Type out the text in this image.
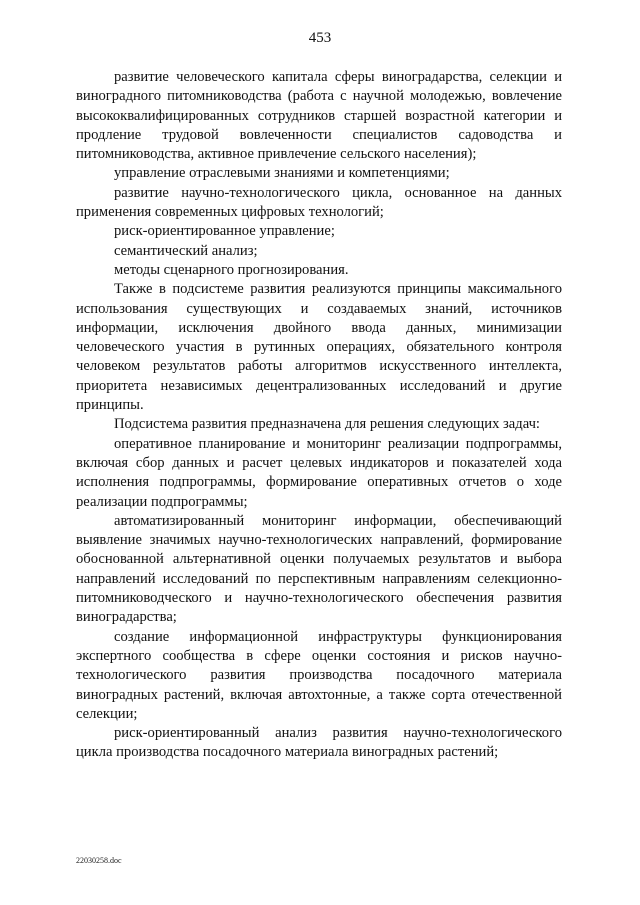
453

развитие человеческого капитала сферы виноградарства, селекции и виноградного питомниководства (работа с научной молодежью, вовлечение высококвалифицированных сотрудников старшей возрастной категории и продление трудовой вовлеченности специалистов садоводства и питомниководства, активное привлечение сельского населения);

управление отраслевыми знаниями и компетенциями;

развитие научно-технологического цикла, основанное на данных применения современных цифровых технологий;

риск-ориентированное управление;

семантический анализ;

методы сценарного прогнозирования.

Также в подсистеме развития реализуются принципы максимального использования существующих и создаваемых знаний, источников информации, исключения двойного ввода данных, минимизации человеческого участия в рутинных операциях, обязательного контроля человеком результатов работы алгоритмов искусственного интеллекта, приоритета независимых децентрализованных исследований и другие принципы.

Подсистема развития предназначена для решения следующих задач:

оперативное планирование и мониторинг реализации подпрограммы, включая сбор данных и расчет целевых индикаторов и показателей хода исполнения подпрограммы, формирование оперативных отчетов о ходе реализации подпрограммы;

автоматизированный мониторинг информации, обеспечивающий выявление значимых научно-технологических направлений, формирование обоснованной альтернативной оценки получаемых результатов и выбора направлений исследований по перспективным направлениям селекционно-питомниководческого и научно-технологического обеспечения развития виноградарства;

создание информационной инфраструктуры функционирования экспертного сообщества в сфере оценки состояния и рисков научно-технологического развития производства посадочного материала виноградных растений, включая автохтонные, а также сорта отечественной селекции;

риск-ориентированный анализ развития научно-технологического цикла производства посадочного материала виноградных растений;

22030258.doc
